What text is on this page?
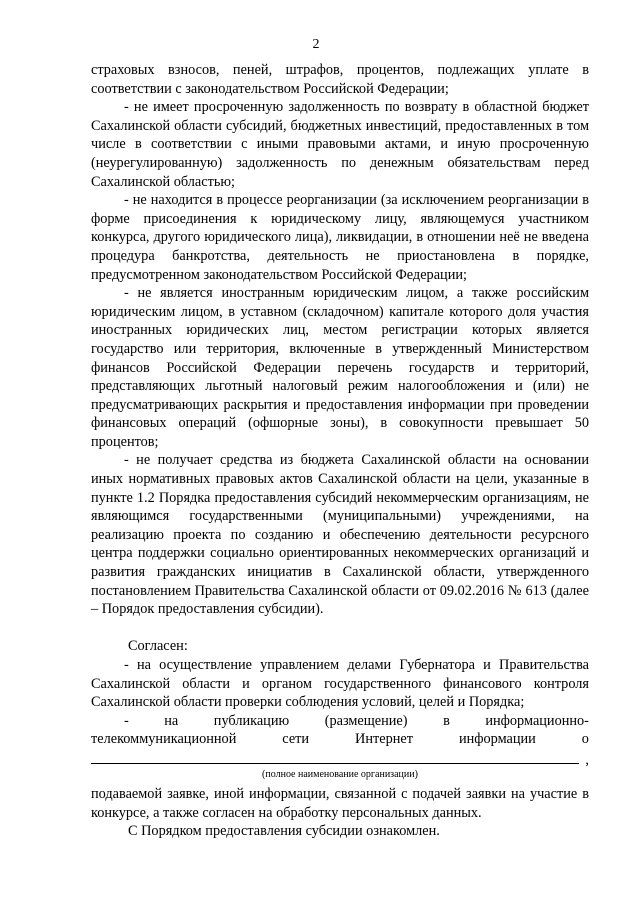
2

страховых взносов, пеней, штрафов, процентов, подлежащих уплате в соответствии с законодательством Российской Федерации;

- не имеет просроченную задолженность по возврату в областной бюджет Сахалинской области субсидий, бюджетных инвестиций, предоставленных в том числе в соответствии с иными правовыми актами, и иную просроченную (неурегулированную) задолженность по денежным обязательствам перед Сахалинской областью;

- не находится в процессе реорганизации (за исключением реорганизации в форме присоединения к юридическому лицу, являющемуся участником конкурса, другого юридического лица), ликвидации, в отношении неё не введена процедура банкротства, деятельность не приостановлена в порядке, предусмотренном законодательством Российской Федерации;

- не является иностранным юридическим лицом, а также российским юридическим лицом, в уставном (складочном) капитале которого доля участия иностранных юридических лиц, местом регистрации которых является государство или территория, включенные в утвержденный Министерством финансов Российской Федерации перечень государств и территорий, представляющих льготный налоговый режим налогообложения и (или) не предусматривающих раскрытия и предоставления информации при проведении финансовых операций (офшорные зоны), в совокупности превышает 50 процентов;

- не получает средства из бюджета Сахалинской области на основании иных нормативных правовых актов Сахалинской области на цели, указанные в пункте 1.2 Порядка предоставления субсидий некоммерческим организациям, не являющимся государственными (муниципальными) учреждениями, на реализацию проекта по созданию и обеспечению деятельности ресурсного центра поддержки социально ориентированных некоммерческих организаций и развития гражданских инициатив в Сахалинской области, утвержденного постановлением Правительства Сахалинской области от 09.02.2016 № 613 (далее – Порядок предоставления субсидии).

Согласен:

- на осуществление управлением делами Губернатора и Правительства Сахалинской области и органом государственного финансового контроля Сахалинской области проверки соблюдения условий, целей и Порядка;

- на публикацию (размещение) в информационно-
телекоммуникационной	сети	Интернет	информации	о
,
(полное наименование организации)

подаваемой заявке, иной информации, связанной с подачей заявки на участие в конкурсе, а также согласен на обработку персональных данных.

С Порядком предоставления субсидии ознакомлен.
